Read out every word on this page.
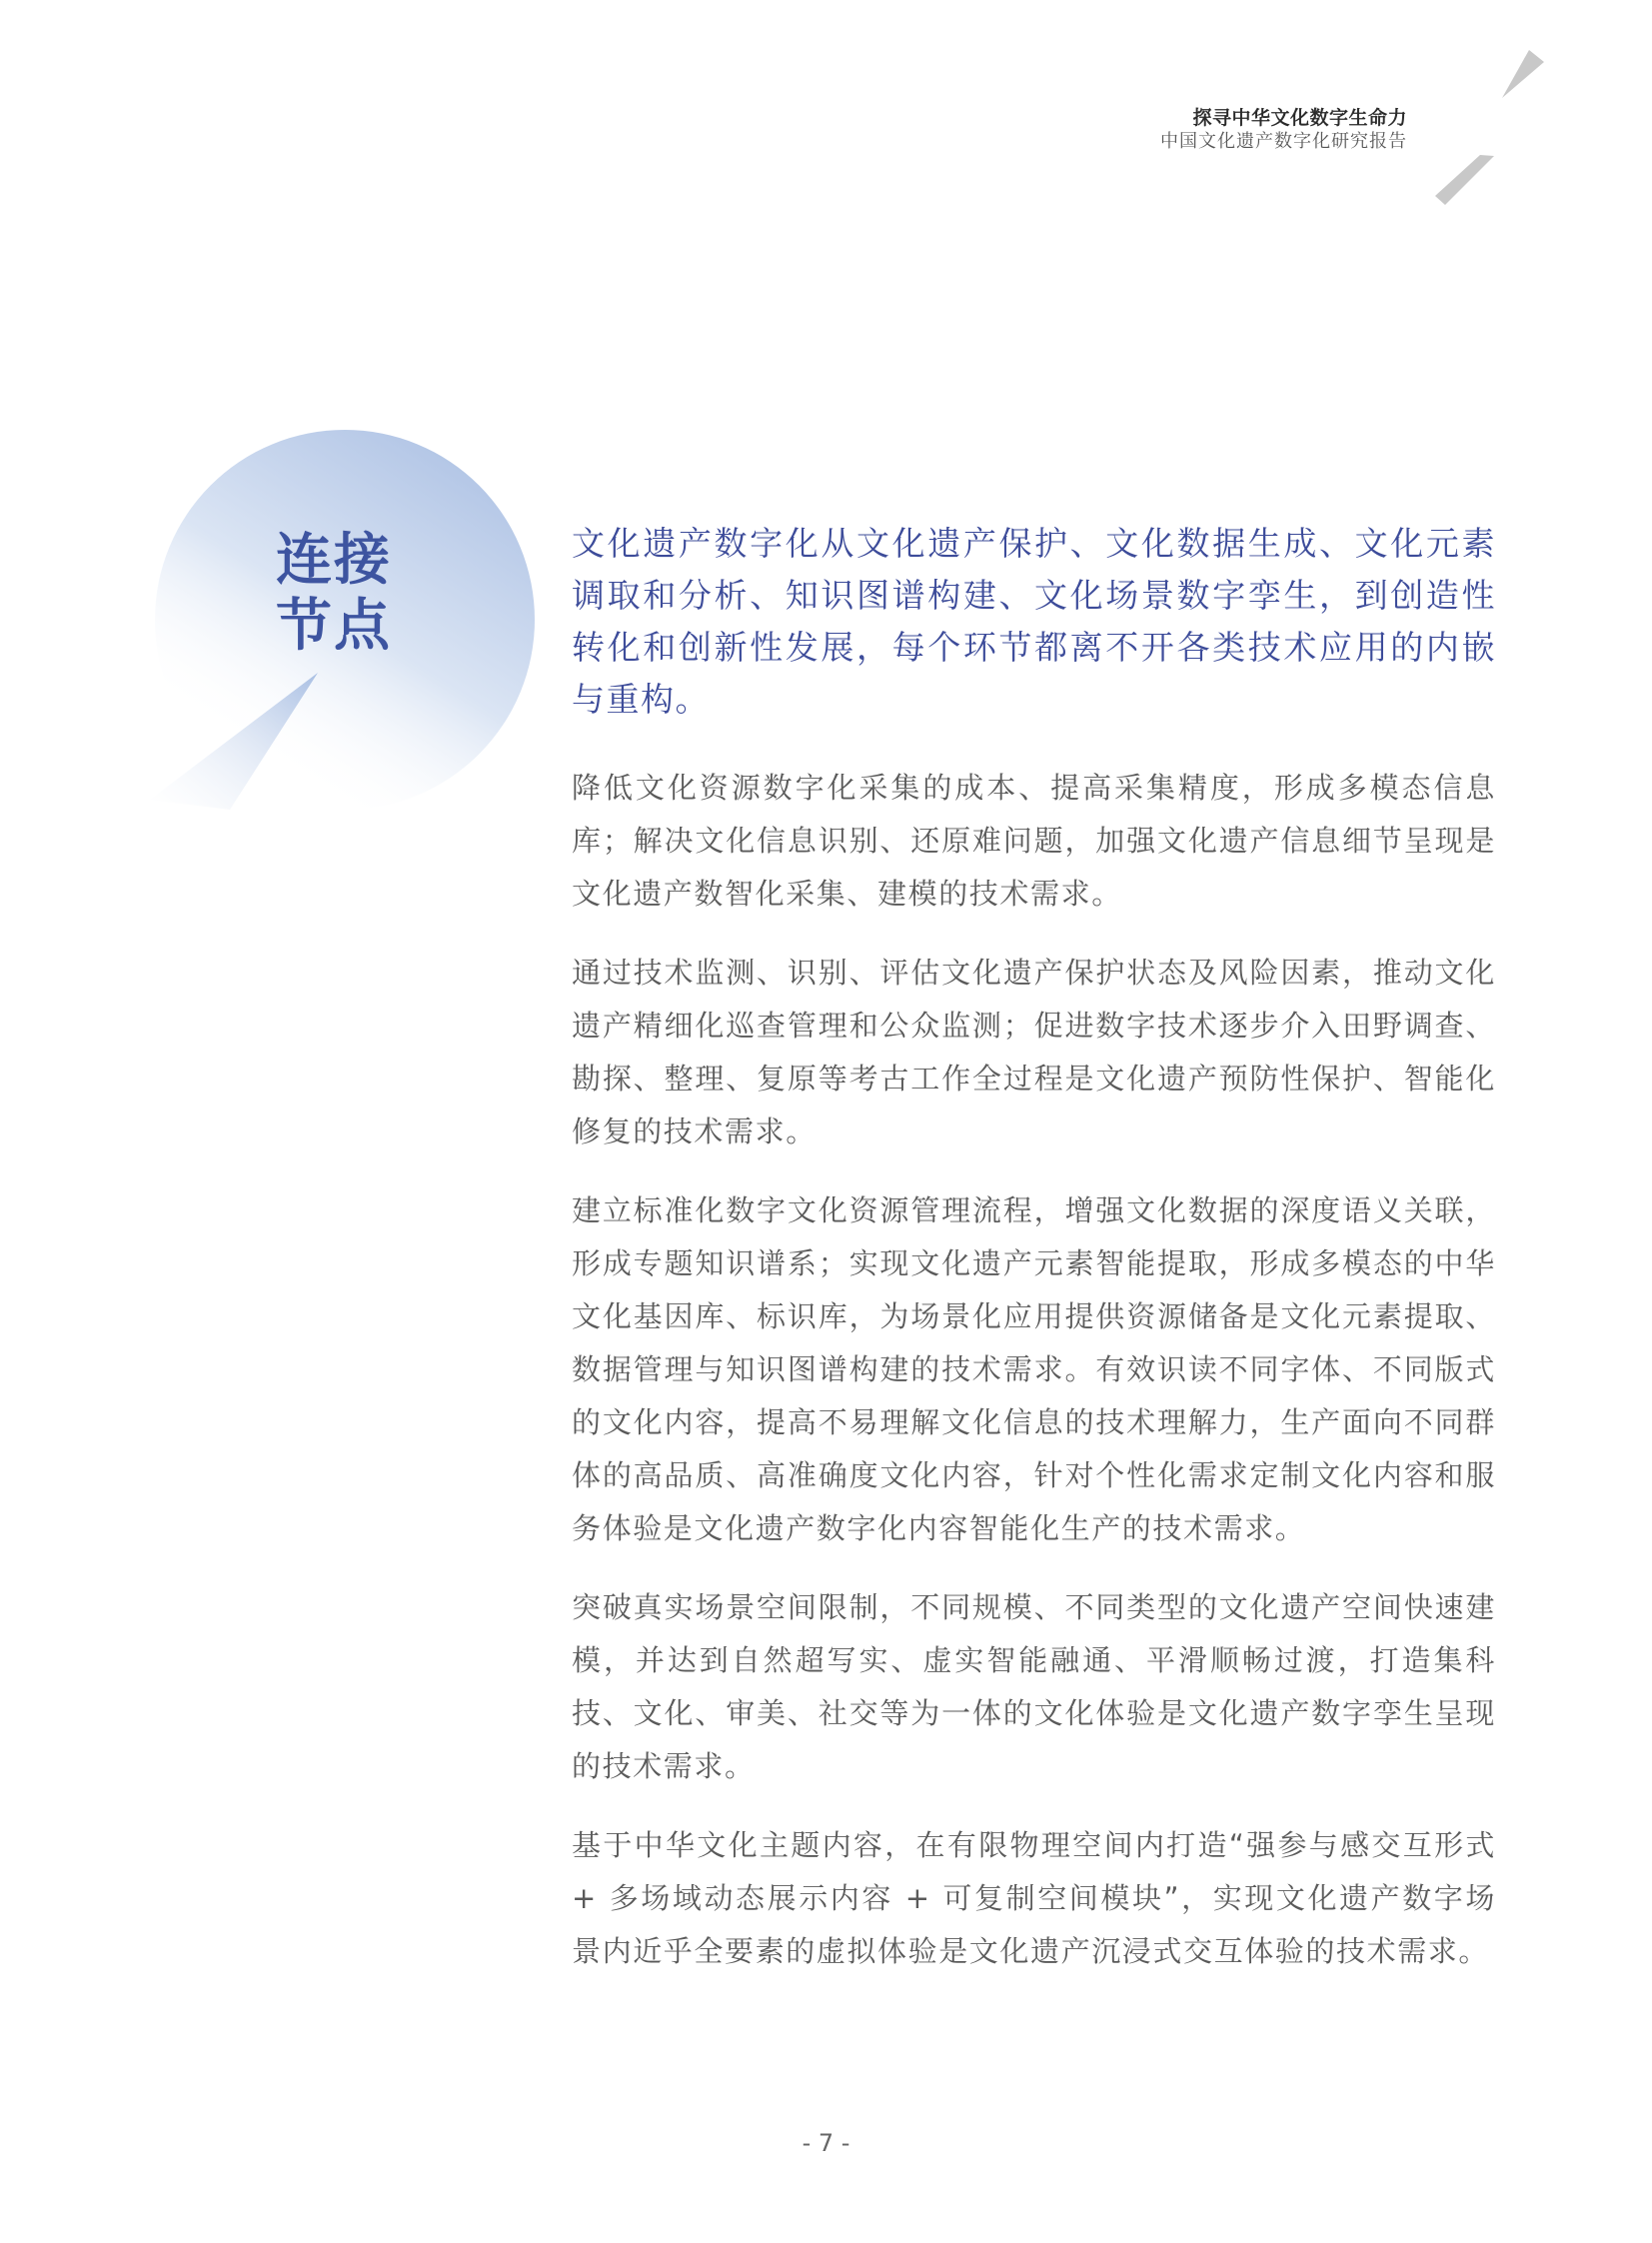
探寻中华文化数字生命力
中国文化遗产数字化研究报告
连接
节点

文化遗产数字化从文化遗产保护、文化数据生成、文化元素调取和分析、知识图谱构建、文化场景数字孪生，到创造性转化和创新性发展，每个环节都离不开各类技术应用的内嵌与重构。

降低文化资源数字化采集的成本、提高采集精度，形成多模态信息库；解决文化信息识别、还原难问题，加强文化遗产信息细节呈现是文化遗产数智化采集、建模的技术需求。

通过技术监测、识别、评估文化遗产保护状态及风险因素，推动文化遗产精细化巡查管理和公众监测；促进数字技术逐步介入田野调查、勘探、整理、复原等考古工作全过程是文化遗产预防性保护、智能化修复的技术需求。

建立标准化数字文化资源管理流程，增强文化数据的深度语义关联，形成专题知识谱系；实现文化遗产元素智能提取，形成多模态的中华文化基因库、标识库，为场景化应用提供资源储备是文化元素提取、数据管理与知识图谱构建的技术需求。有效识读不同字体、不同版式的文化内容，提高不易理解文化信息的技术理解力，生产面向不同群体的高品质、高准确度文化内容，针对个性化需求定制文化内容和服务体验是文化遗产数字化内容智能化生产的技术需求。

突破真实场景空间限制，不同规模、不同类型的文化遗产空间快速建模，并达到自然超写实、虚实智能融通、平滑顺畅过渡，打造集科技、文化、审美、社交等为一体的文化体验是文化遗产数字孪生呈现的技术需求。

基于中华文化主题内容，在有限物理空间内打造“强参与感交互形式 + 多场域动态展示内容 + 可复制空间模块”，实现文化遗产数字场景内近乎全要素的虚拟体验是文化遗产沉浸式交互体验的技术需求。

- 7 -
